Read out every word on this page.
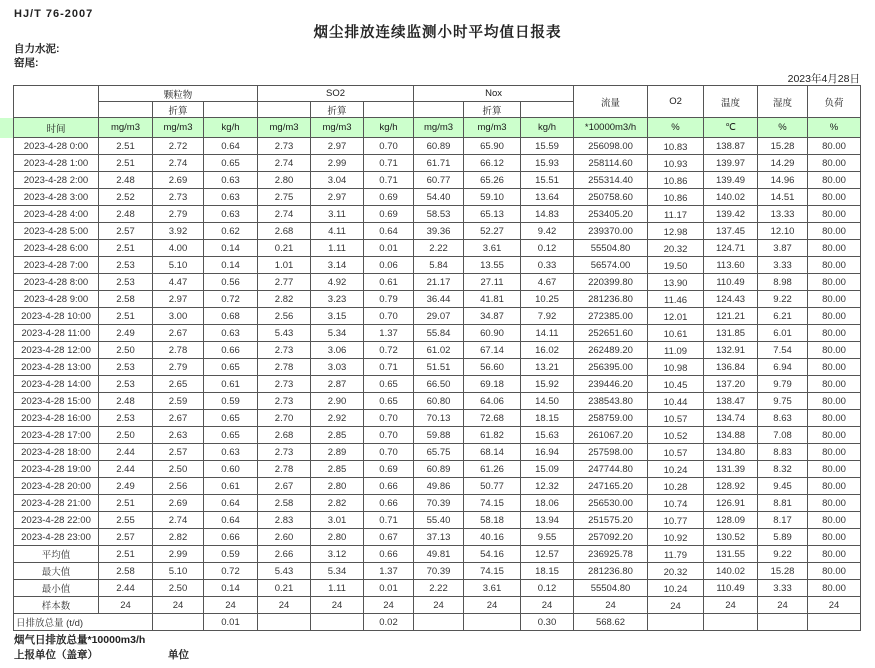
HJ/T 76-2007
烟尘排放连续监测小时平均值日报表
自力水泥:
窑尾:
2023年4月28日
	颗粒物			SO2			Nox			流量	O2	温度	湿度	负荷
		折算			折算			折算						
时间	mg/m3	mg/m3	kg/h	mg/m3	mg/m3	kg/h	mg/m3	mg/m3	kg/h	*10000m3/h	%	℃	%	%
2023-4-28 0:00	2.51	2.72	0.64	2.73	2.97	0.70	60.89	65.90	15.59	256098.00	10.83	138.87	15.28	80.00
2023-4-28 1:00	2.51	2.74	0.65	2.74	2.99	0.71	61.71	66.12	15.93	258114.60	10.93	139.97	14.29	80.00
2023-4-28 2:00	2.48	2.69	0.63	2.80	3.04	0.71	60.77	65.26	15.51	255314.40	10.86	139.49	14.96	80.00
2023-4-28 3:00	2.52	2.73	0.63	2.75	2.97	0.69	54.40	59.10	13.64	250758.60	10.86	140.02	14.51	80.00
2023-4-28 4:00	2.48	2.79	0.63	2.74	3.11	0.69	58.53	65.13	14.83	253405.20	11.17	139.42	13.33	80.00
2023-4-28 5:00	2.57	3.92	0.62	2.68	4.11	0.64	39.36	52.27	9.42	239370.00	12.98	137.45	12.10	80.00
2023-4-28 6:00	2.51	4.00	0.14	0.21	1.11	0.01	2.22	3.61	0.12	55504.80	20.32	124.71	3.87	80.00
2023-4-28 7:00	2.53	5.10	0.14	1.01	3.14	0.06	5.84	13.55	0.33	56574.00	19.50	113.60	3.33	80.00
2023-4-28 8:00	2.53	4.47	0.56	2.77	4.92	0.61	21.17	27.11	4.67	220399.80	13.90	110.49	8.98	80.00
2023-4-28 9:00	2.58	2.97	0.72	2.82	3.23	0.79	36.44	41.81	10.25	281236.80	11.46	124.43	9.22	80.00
2023-4-28 10:00	2.51	3.00	0.68	2.56	3.15	0.70	29.07	34.87	7.92	272385.00	12.01	121.21	6.21	80.00
2023-4-28 11:00	2.49	2.67	0.63	5.43	5.34	1.37	55.84	60.90	14.11	252651.60	10.61	131.85	6.01	80.00
2023-4-28 12:00	2.50	2.78	0.66	2.73	3.06	0.72	61.02	67.14	16.02	262489.20	11.09	132.91	7.54	80.00
2023-4-28 13:00	2.53	2.79	0.65	2.78	3.03	0.71	51.51	56.60	13.21	256395.00	10.98	136.84	6.94	80.00
2023-4-28 14:00	2.53	2.65	0.61	2.73	2.87	0.65	66.50	69.18	15.92	239446.20	10.45	137.20	9.79	80.00
2023-4-28 15:00	2.48	2.59	0.59	2.73	2.90	0.65	60.80	64.06	14.50	238543.80	10.44	138.47	9.75	80.00
2023-4-28 16:00	2.53	2.67	0.65	2.70	2.92	0.70	70.13	72.68	18.15	258759.00	10.57	134.74	8.63	80.00
2023-4-28 17:00	2.50	2.63	0.65	2.68	2.85	0.70	59.88	61.82	15.63	261067.20	10.52	134.88	7.08	80.00
2023-4-28 18:00	2.44	2.57	0.63	2.73	2.89	0.70	65.75	68.14	16.94	257598.00	10.57	134.80	8.83	80.00
2023-4-28 19:00	2.44	2.50	0.60	2.78	2.85	0.69	60.89	61.26	15.09	247744.80	10.24	131.39	8.32	80.00
2023-4-28 20:00	2.49	2.56	0.61	2.67	2.80	0.66	49.86	50.77	12.32	247165.20	10.28	128.92	9.45	80.00
2023-4-28 21:00	2.51	2.69	0.64	2.58	2.82	0.66	70.39	74.15	18.06	256530.00	10.74	126.91	8.81	80.00
2023-4-28 22:00	2.55	2.74	0.64	2.83	3.01	0.71	55.40	58.18	13.94	251575.20	10.77	128.09	8.17	80.00
2023-4-28 23:00	2.57	2.82	0.66	2.60	2.80	0.67	37.13	40.16	9.55	257092.20	10.92	130.52	5.89	80.00

平均值	2.51	2.99	0.59	2.66	3.12	0.66	49.81	54.16	12.57	236925.78	11.79	131.55	9.22	80.00
最大值	2.58	5.10	0.72	5.43	5.34	1.37	70.39	74.15	18.15	281236.80	20.32	140.02	15.28	80.00
最小值	2.44	2.50	0.14	0.21	1.11	0.01	2.22	3.61	0.12	55504.80	10.24	110.49	3.33	80.00
样本数	24	24	24	24	24	24	24	24	24	24	24	24	24	24
日排放总量 (t/d)			0.01			0.02			0.30	568.62				
烟气日排放总量*10000m3/h
上报单位（盖章）	单位
